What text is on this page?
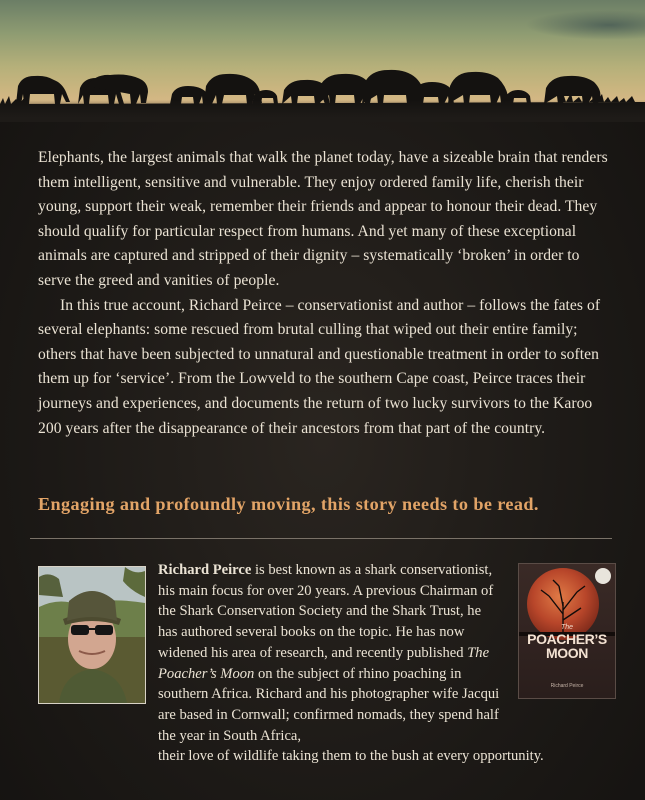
Elephants, the largest animals that walk the planet today, have a sizeable brain that renders them intelligent, sensitive and vulnerable. They enjoy ordered family life, cherish their young, support their weak, remember their friends and appear to honour their dead. They should qualify for particular respect from humans. And yet many of these exceptional animals are captured and stripped of their dignity – systematically ‘broken’ in order to serve the greed and vanities of people.

In this true account, Richard Peirce – conservationist and author – follows the fates of several elephants: some rescued from brutal culling that wiped out their entire family; others that have been subjected to unnatural and questionable treatment in order to soften them up for ‘service’. From the Lowveld to the southern Cape coast, Peirce traces their journeys and experiences, and documents the return of two lucky survivors to the Karoo 200 years after the disappearance of their ancestors from that part of the country.

Engaging and profoundly moving, this story needs to be read.

Richard Peirce is best known as a shark conservationist, his main focus for over 20 years. A previous Chairman of the Shark Conservation Society and the Shark Trust, he has authored several books on the topic. He has now widened his area of research, and recently published The Poacher’s Moon on the subject of rhino poaching in southern Africa. Richard and his photographer wife Jacqui are based in Cornwall; confirmed nomads, they spend half the year in South Africa,
their love of wildlife taking them to the bush at every opportunity.

The
POACHER’S
MOON
Richard Peirce
